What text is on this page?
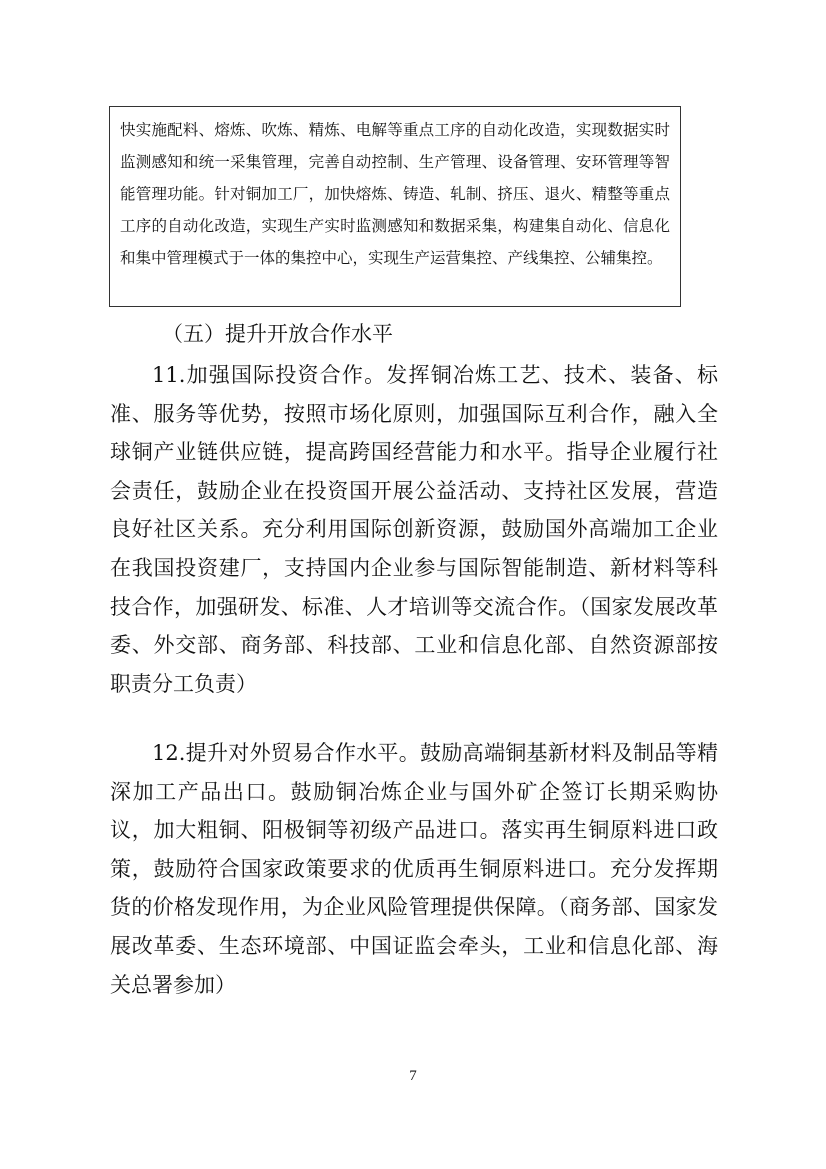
快实施配料、熔炼、吹炼、精炼、电解等重点工序的自动化改造，实现数据实时监测感知和统一采集管理，完善自动控制、生产管理、设备管理、安环管理等智能管理功能。针对铜加工厂，加快熔炼、铸造、轧制、挤压、退火、精整等重点工序的自动化改造，实现生产实时监测感知和数据采集，构建集自动化、信息化和集中管理模式于一体的集控中心，实现生产运营集控、产线集控、公辅集控。

（五）提升开放合作水平

11.加强国际投资合作。发挥铜冶炼工艺、技术、装备、标准、服务等优势，按照市场化原则，加强国际互利合作，融入全球铜产业链供应链，提高跨国经营能力和水平。指导企业履行社会责任，鼓励企业在投资国开展公益活动、支持社区发展，营造良好社区关系。充分利用国际创新资源，鼓励国外高端加工企业在我国投资建厂，支持国内企业参与国际智能制造、新材料等科技合作，加强研发、标准、人才培训等交流合作。（国家发展改革委、外交部、商务部、科技部、工业和信息化部、自然资源部按职责分工负责）

12.提升对外贸易合作水平。鼓励高端铜基新材料及制品等精深加工产品出口。鼓励铜冶炼企业与国外矿企签订长期采购协议，加大粗铜、阳极铜等初级产品进口。落实再生铜原料进口政策，鼓励符合国家政策要求的优质再生铜原料进口。充分发挥期货的价格发现作用，为企业风险管理提供保障。（商务部、国家发展改革委、生态环境部、中国证监会牵头，工业和信息化部、海关总署参加）

7
